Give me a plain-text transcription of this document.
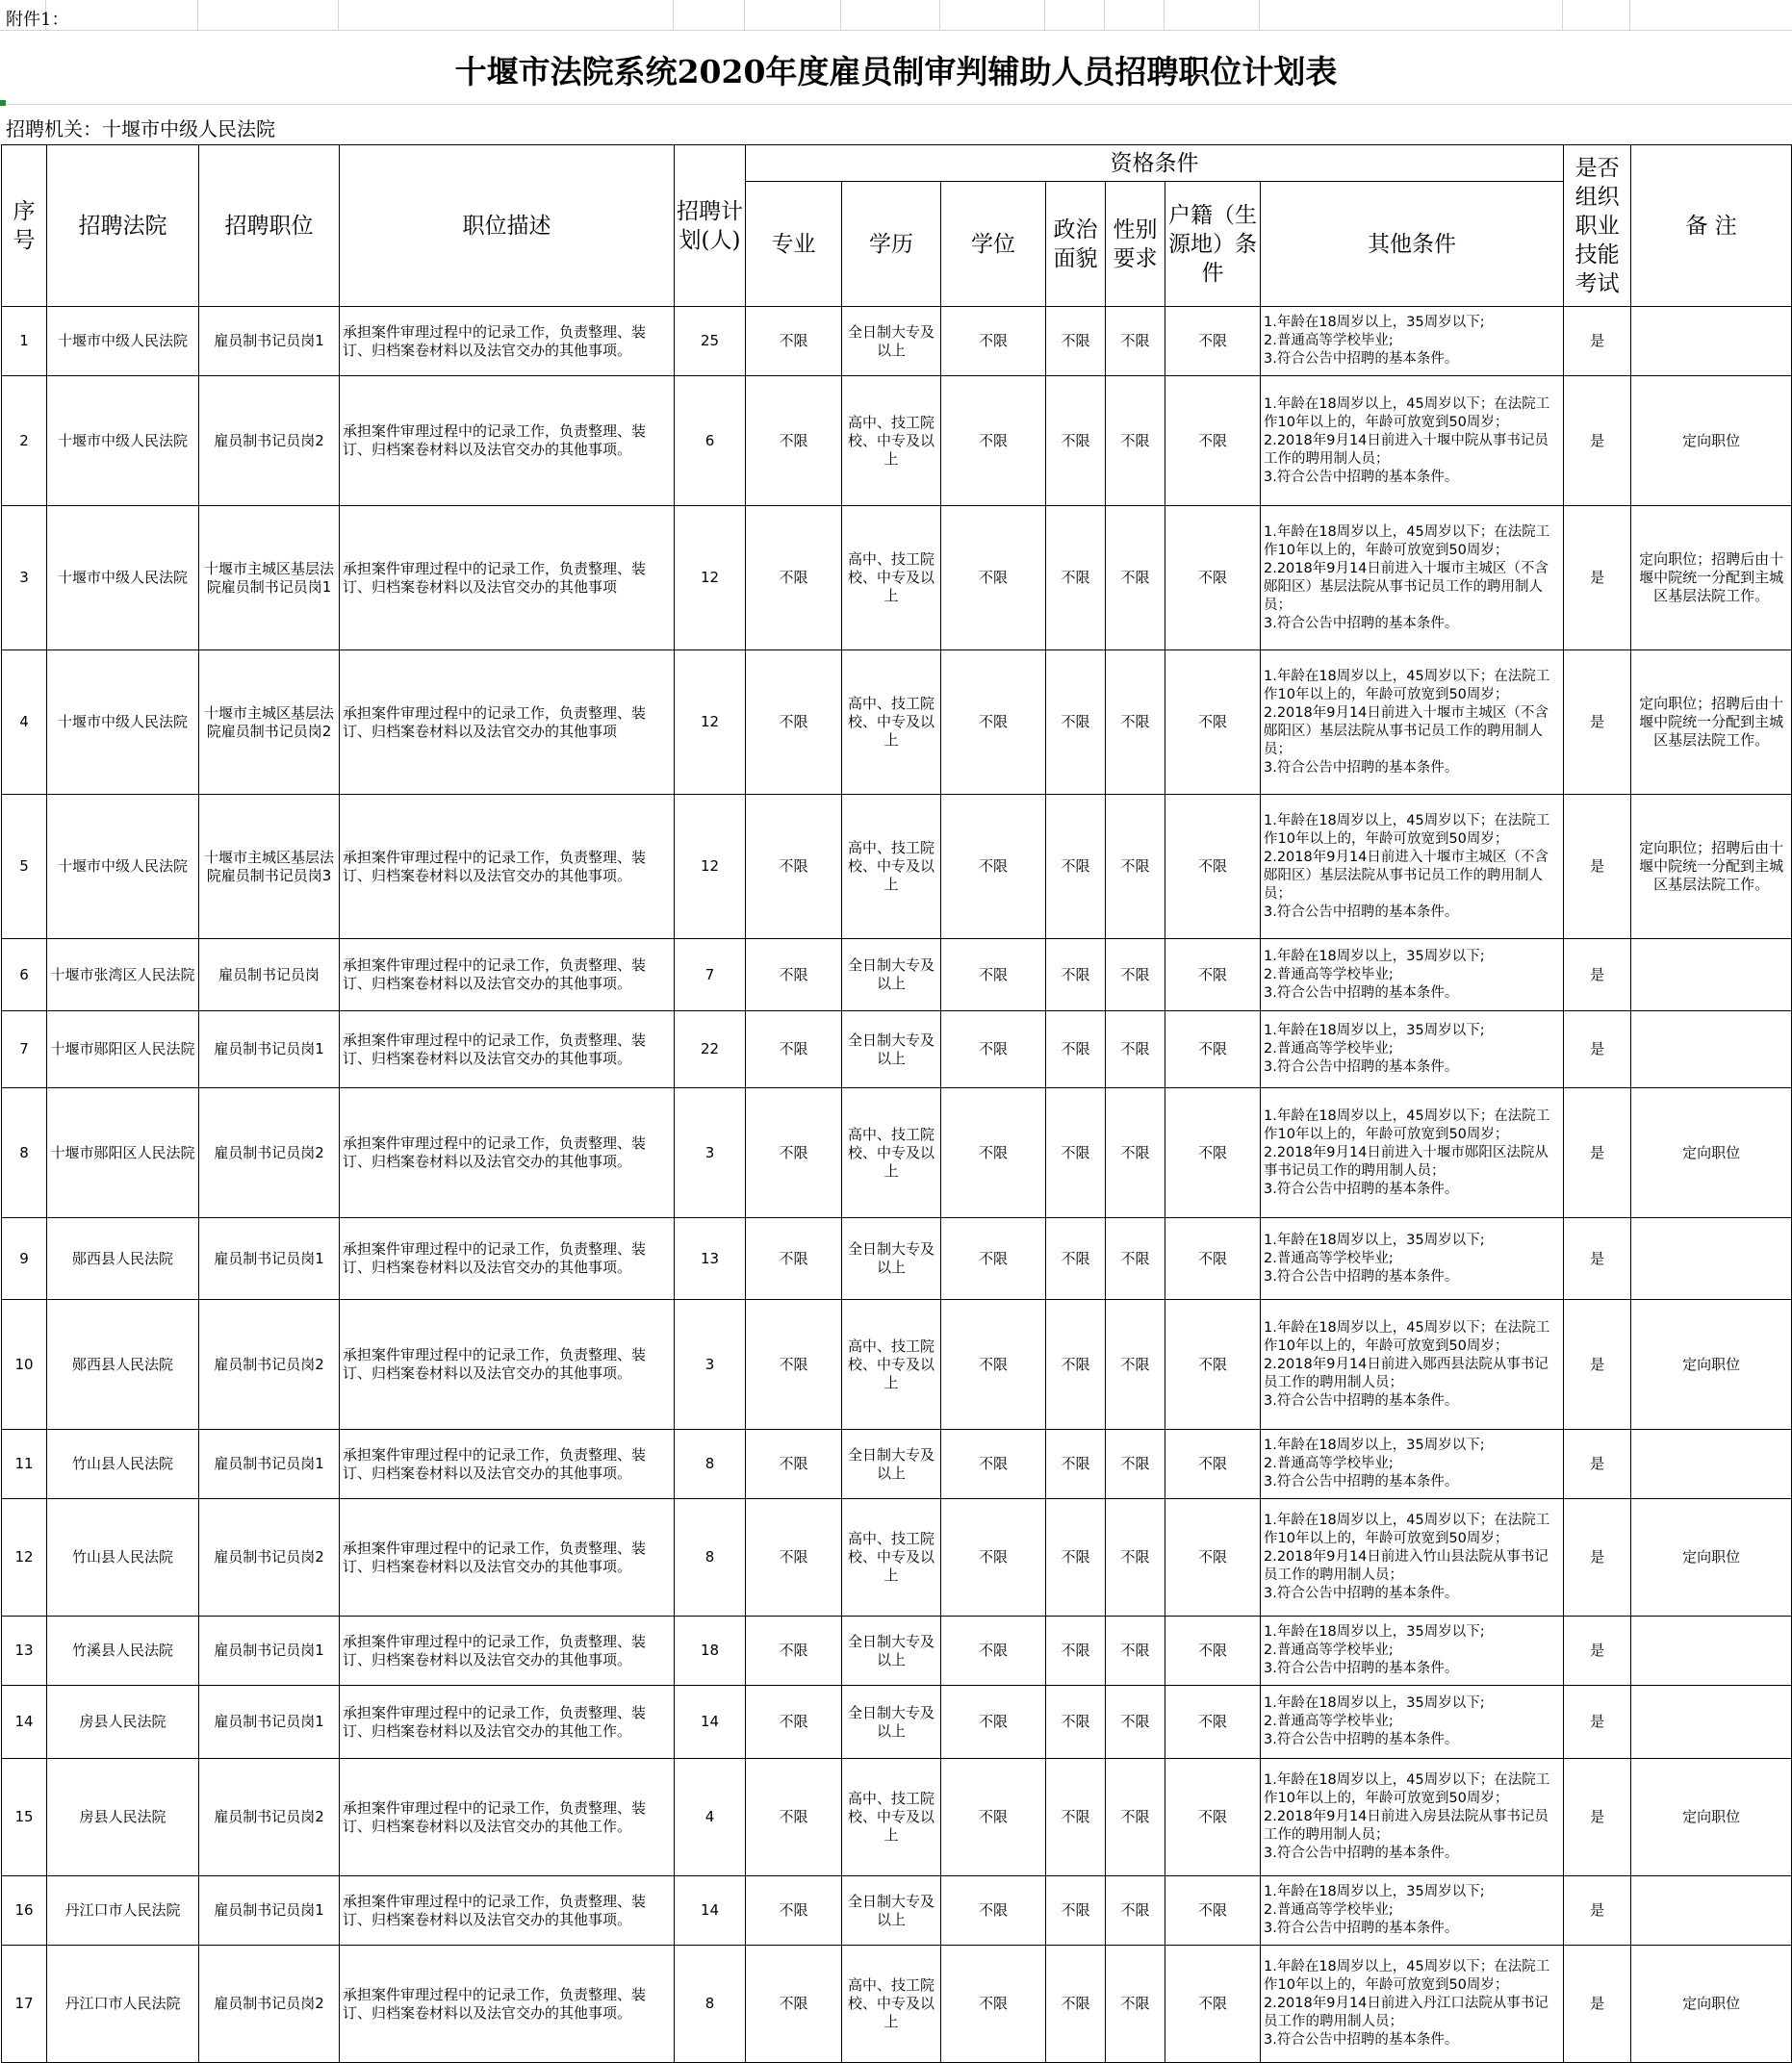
附件1：
十堰市法院系统2020年度雇员制审判辅助人员招聘职位计划表
招聘机关：十堰市中级人民法院
序号	招聘法院	招聘职位	职位描述	招聘计划(人)	资格条件							是否组织职业技能考试	备 注
					专业	学历	学位	政治面貌	性别要求	户籍（生源地）条件	其他条件		
1	十堰市中级人民法院	雇员制书记员岗1	承担案件审理过程中的记录工作，负责整理、装订、归档案卷材料以及法官交办的其他事项。	25	不限	全日制大专及以上	不限	不限	不限	不限	1.年龄在18周岁以上，35周岁以下;
2.普通高等学校毕业;
3.符合公告中招聘的基本条件。	是	
2	十堰市中级人民法院	雇员制书记员岗2	承担案件审理过程中的记录工作，负责整理、装订、归档案卷材料以及法官交办的其他事项。	6	不限	高中、技工院校、中专及以上	不限	不限	不限	不限	1.年龄在18周岁以上，45周岁以下；在法院工作10年以上的，年龄可放宽到50周岁；
2.2018年9月14日前进入十堰中院从事书记员工作的聘用制人员；
3.符合公告中招聘的基本条件。	是	定向职位
3	十堰市中级人民法院	十堰市主城区基层法院雇员制书记员岗1	承担案件审理过程中的记录工作，负责整理、装订、归档案卷材料以及法官交办的其他事项	12	不限	高中、技工院校、中专及以上	不限	不限	不限	不限	1.年龄在18周岁以上，45周岁以下；在法院工作10年以上的，年龄可放宽到50周岁；
2.2018年9月14日前进入十堰市主城区（不含郧阳区）基层法院从事书记员工作的聘用制人员；
3.符合公告中招聘的基本条件。	是	定向职位；招聘后由十堰中院统一分配到主城区基层法院工作。
4	十堰市中级人民法院	十堰市主城区基层法院雇员制书记员岗2	承担案件审理过程中的记录工作，负责整理、装订、归档案卷材料以及法官交办的其他事项	12	不限	高中、技工院校、中专及以上	不限	不限	不限	不限	1.年龄在18周岁以上，45周岁以下；在法院工作10年以上的，年龄可放宽到50周岁；
2.2018年9月14日前进入十堰市主城区（不含郧阳区）基层法院从事书记员工作的聘用制人员；
3.符合公告中招聘的基本条件。	是	定向职位；招聘后由十堰中院统一分配到主城区基层法院工作。
5	十堰市中级人民法院	十堰市主城区基层法院雇员制书记员岗3	承担案件审理过程中的记录工作，负责整理、装订、归档案卷材料以及法官交办的其他事项。	12	不限	高中、技工院校、中专及以上	不限	不限	不限	不限	1.年龄在18周岁以上，45周岁以下；在法院工作10年以上的，年龄可放宽到50周岁；
2.2018年9月14日前进入十堰市主城区（不含郧阳区）基层法院从事书记员工作的聘用制人员；
3.符合公告中招聘的基本条件。	是	定向职位；招聘后由十堰中院统一分配到主城区基层法院工作。
6	十堰市张湾区人民法院	雇员制书记员岗	承担案件审理过程中的记录工作，负责整理、装订、归档案卷材料以及法官交办的其他事项。	7	不限	全日制大专及以上	不限	不限	不限	不限	1.年龄在18周岁以上，35周岁以下;
2.普通高等学校毕业;
3.符合公告中招聘的基本条件。	是	
7	十堰市郧阳区人民法院	雇员制书记员岗1	承担案件审理过程中的记录工作，负责整理、装订、归档案卷材料以及法官交办的其他事项。	22	不限	全日制大专及以上	不限	不限	不限	不限	1.年龄在18周岁以上，35周岁以下;
2.普通高等学校毕业;
3.符合公告中招聘的基本条件。	是	
8	十堰市郧阳区人民法院	雇员制书记员岗2	承担案件审理过程中的记录工作，负责整理、装订、归档案卷材料以及法官交办的其他事项。	3	不限	高中、技工院校、中专及以上	不限	不限	不限	不限	1.年龄在18周岁以上，45周岁以下；在法院工作10年以上的，年龄可放宽到50周岁；
2.2018年9月14日前进入十堰市郧阳区法院从事书记员工作的聘用制人员；
3.符合公告中招聘的基本条件。	是	定向职位
9	郧西县人民法院	雇员制书记员岗1	承担案件审理过程中的记录工作，负责整理、装订、归档案卷材料以及法官交办的其他事项。	13	不限	全日制大专及以上	不限	不限	不限	不限	1.年龄在18周岁以上，35周岁以下;
2.普通高等学校毕业;
3.符合公告中招聘的基本条件。	是	
10	郧西县人民法院	雇员制书记员岗2	承担案件审理过程中的记录工作，负责整理、装订、归档案卷材料以及法官交办的其他事项。	3	不限	高中、技工院校、中专及以上	不限	不限	不限	不限	1.年龄在18周岁以上，45周岁以下；在法院工作10年以上的，年龄可放宽到50周岁；
2.2018年9月14日前进入郧西县法院从事书记员工作的聘用制人员；
3.符合公告中招聘的基本条件。	是	定向职位
11	竹山县人民法院	雇员制书记员岗1	承担案件审理过程中的记录工作，负责整理、装订、归档案卷材料以及法官交办的其他事项。	8	不限	全日制大专及以上	不限	不限	不限	不限	1.年龄在18周岁以上，35周岁以下;
2.普通高等学校毕业;
3.符合公告中招聘的基本条件。	是	
12	竹山县人民法院	雇员制书记员岗2	承担案件审理过程中的记录工作，负责整理、装订、归档案卷材料以及法官交办的其他事项。	8	不限	高中、技工院校、中专及以上	不限	不限	不限	不限	1.年龄在18周岁以上，45周岁以下；在法院工作10年以上的，年龄可放宽到50周岁；
2.2018年9月14日前进入竹山县法院从事书记员工作的聘用制人员；
3.符合公告中招聘的基本条件。	是	定向职位
13	竹溪县人民法院	雇员制书记员岗1	承担案件审理过程中的记录工作，负责整理、装订、归档案卷材料以及法官交办的其他事项。	18	不限	全日制大专及以上	不限	不限	不限	不限	1.年龄在18周岁以上，35周岁以下;
2.普通高等学校毕业;
3.符合公告中招聘的基本条件。	是	
14	房县人民法院	雇员制书记员岗1	承担案件审理过程中的记录工作，负责整理、装订、归档案卷材料以及法官交办的其他工作。	14	不限	全日制大专及以上	不限	不限	不限	不限	1.年龄在18周岁以上，35周岁以下;
2.普通高等学校毕业;
3.符合公告中招聘的基本条件。	是	
15	房县人民法院	雇员制书记员岗2	承担案件审理过程中的记录工作，负责整理、装订、归档案卷材料以及法官交办的其他工作。	4	不限	高中、技工院校、中专及以上	不限	不限	不限	不限	1.年龄在18周岁以上，45周岁以下；在法院工作10年以上的，年龄可放宽到50周岁；
2.2018年9月14日前进入房县法院从事书记员工作的聘用制人员；
3.符合公告中招聘的基本条件。	是	定向职位
16	丹江口市人民法院	雇员制书记员岗1	承担案件审理过程中的记录工作，负责整理、装订、归档案卷材料以及法官交办的其他事项。	14	不限	全日制大专及以上	不限	不限	不限	不限	1.年龄在18周岁以上，35周岁以下;
2.普通高等学校毕业;
3.符合公告中招聘的基本条件。	是	
17	丹江口市人民法院	雇员制书记员岗2	承担案件审理过程中的记录工作，负责整理、装订、归档案卷材料以及法官交办的其他事项。	8	不限	高中、技工院校、中专及以上	不限	不限	不限	不限	1.年龄在18周岁以上，45周岁以下；在法院工作10年以上的，年龄可放宽到50周岁；
2.2018年9月14日前进入丹江口法院从事书记员工作的聘用制人员；
3.符合公告中招聘的基本条件。	是	定向职位
